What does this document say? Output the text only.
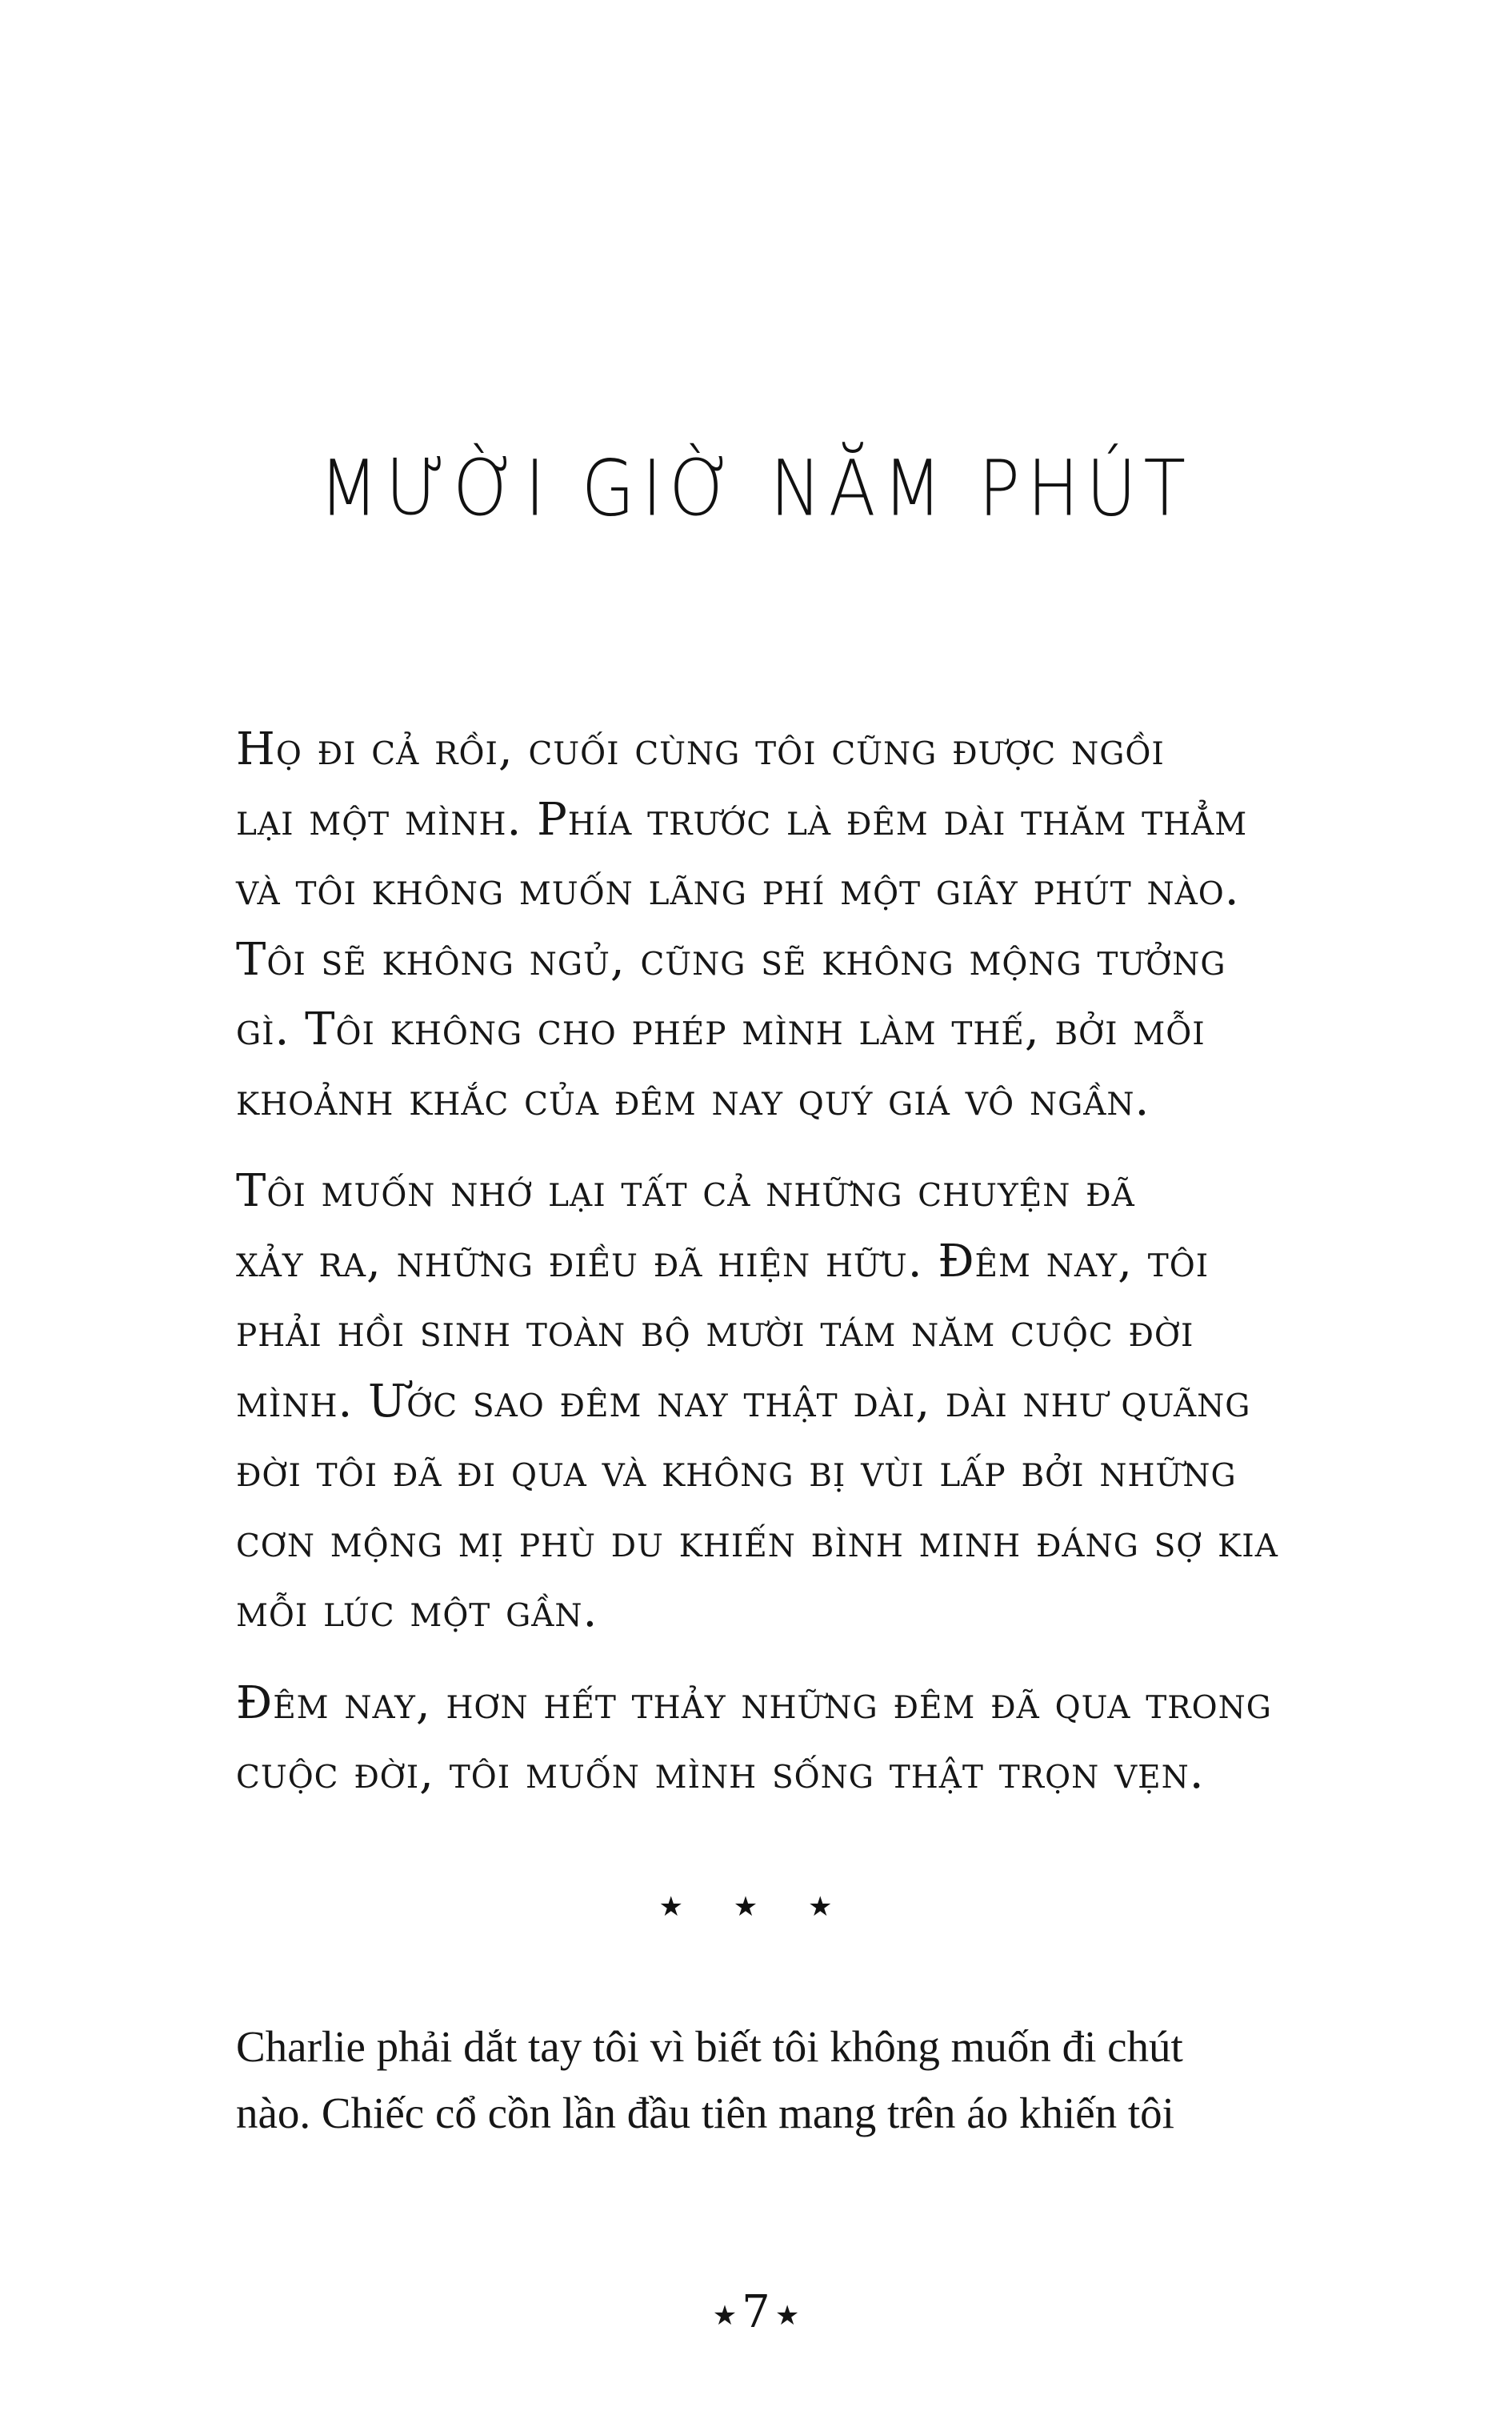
MƯỜI GIỜ NĂM PHÚT

Họ đi cả rồi, cuối cùng tôi cũng được ngồi
lại một mình. Phía trước là đêm dài thăm thẳm
và tôi không muốn lãng phí một giây phút nào.
Tôi sẽ không ngủ, cũng sẽ không mộng tưởng
gì. Tôi không cho phép mình làm thế, bởi mỗi
khoảnh khắc của đêm nay quý giá vô ngần.

Tôi muốn nhớ lại tất cả những chuyện đã
xảy ra, những điều đã hiện hữu. Đêm nay, tôi
phải hồi sinh toàn bộ mười tám năm cuộc đời
mình. Ước sao đêm nay thật dài, dài như quãng
đời tôi đã đi qua và không bị vùi lấp bởi những
cơn mộng mị phù du khiến bình minh đáng sợ kia
mỗi lúc một gần.

Đêm nay, hơn hết thảy những đêm đã qua trong
cuộc đời, tôi muốn mình sống thật trọn vẹn.

★ ★ ★
Charlie phải dắt tay tôi vì biết tôi không muốn đi chút
nào. Chiếc cổ cồn lần đầu tiên mang trên áo khiến tôi
★ 7 ★
